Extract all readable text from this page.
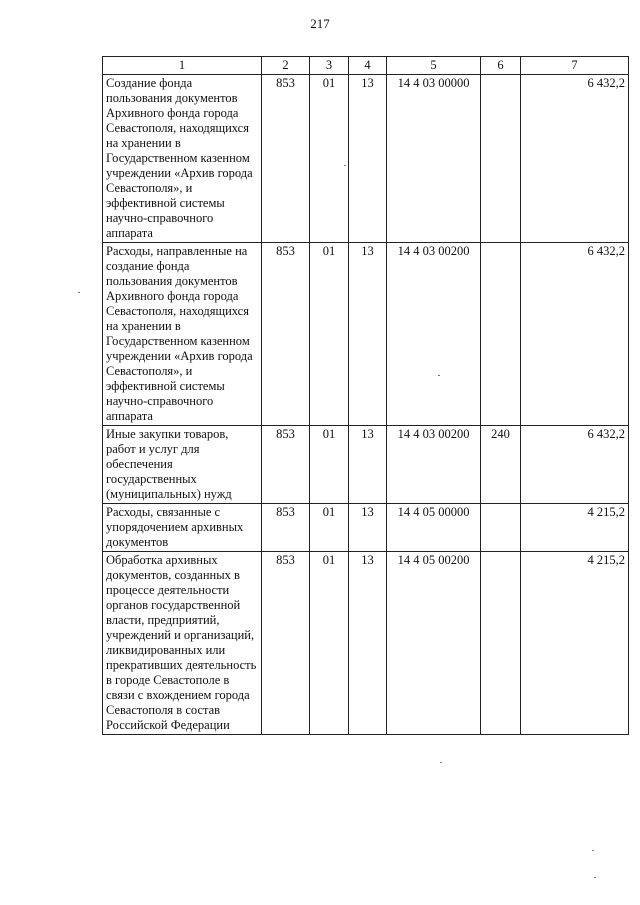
217
1	2	3	4	5	6	7
Создание фонда пользования документов Архивного фонда города Севастополя, находящихся на хранении в Государственном казенном учреждении «Архив города Севастополя», и эффективной системы научно-справочного аппарата	853	01	13	14 4 03 00000		6 432,2
Расходы, направленные на создание фонда пользования документов Архивного фонда города Севастополя, находящихся на хранении в Государственном казенном учреждении «Архив города Севастополя», и эффективной системы научно-справочного аппарата	853	01	13	14 4 03 00200		6 432,2
Иные закупки товаров, работ и услуг для обеспечения государственных (муниципальных) нужд	853	01	13	14 4 03 00200	240	6 432,2
Расходы, связанные с упорядочением архивных документов	853	01	13	14 4 05 00000		4 215,2
Обработка архивных документов, созданных в процессе деятельности органов государственной власти, предприятий, учреждений и организаций, ликвидированных или прекративших деятельность в городе Севастополе в связи с вхождением города Севастополя в состав Российской Федерации	853	01	13	14 4 05 00200		4 215,2
